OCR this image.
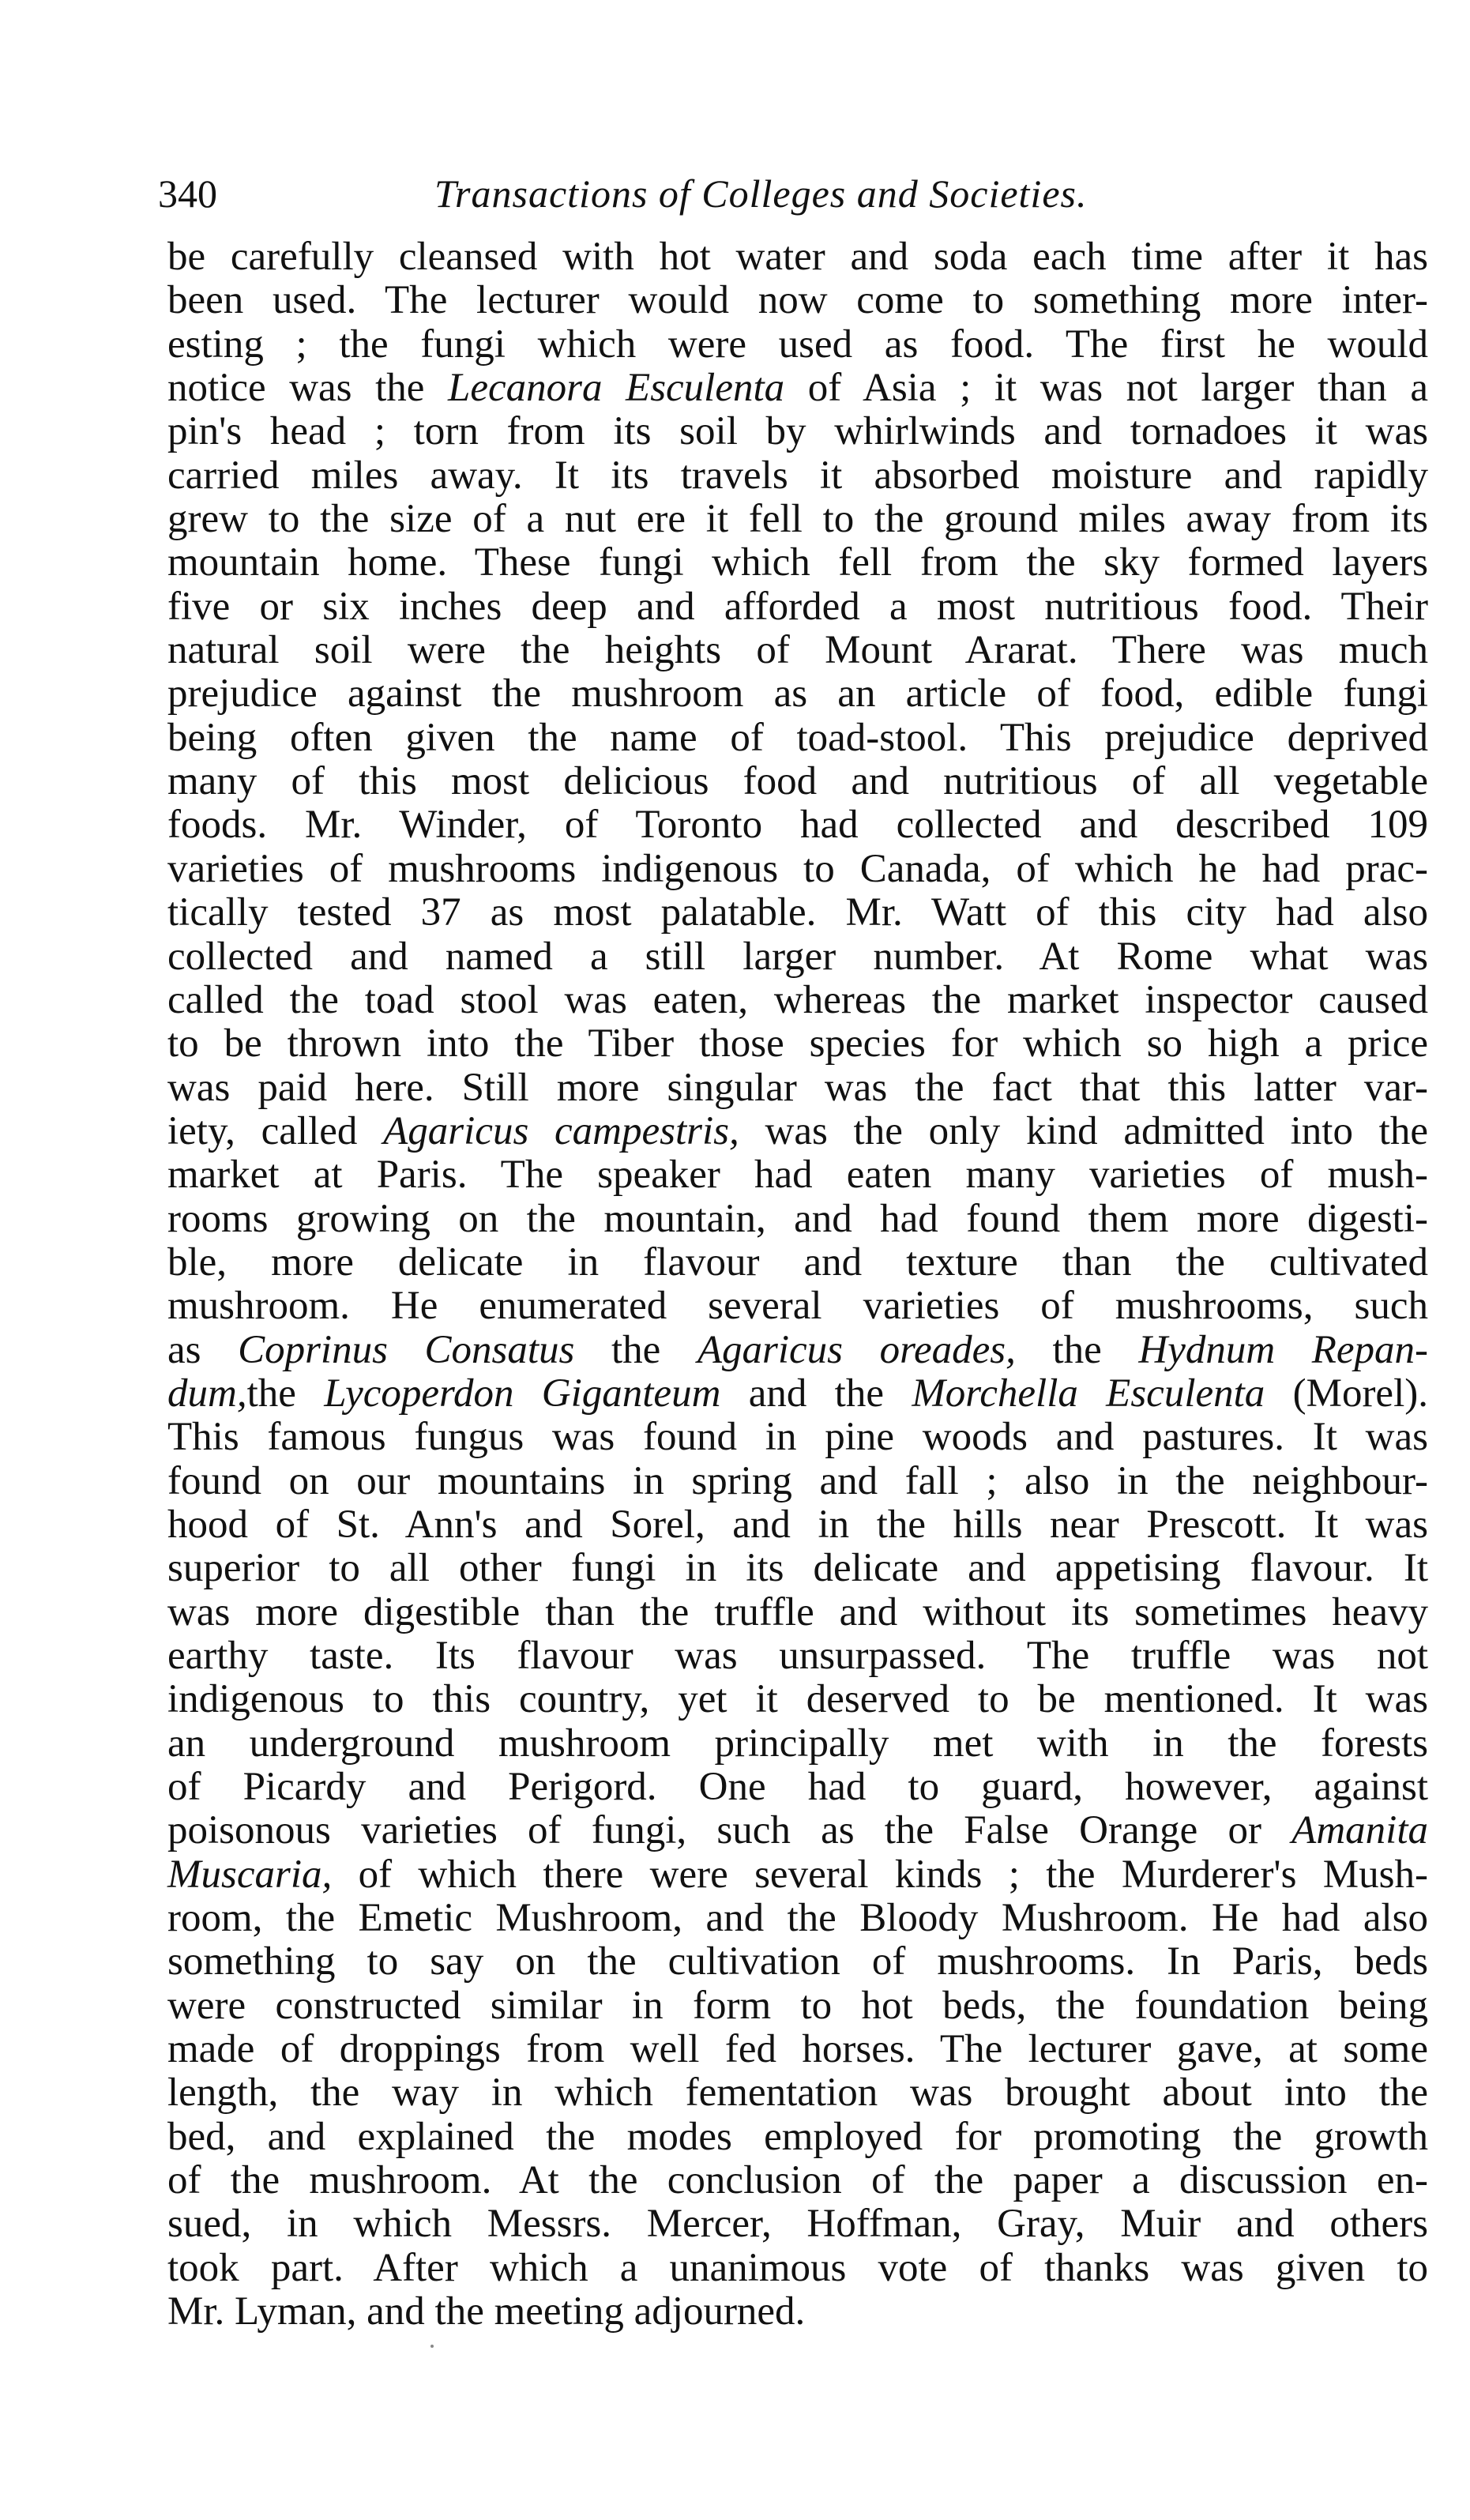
340	Transactions of Colleges and Societies.
be carefully cleansed with hot water and soda each time after it has
been used. The lecturer would now come to something more inter-
esting ; the fungi which were used as food. The first he would
notice was the Lecanora Esculenta of Asia ; it was not larger than a
pin's head ; torn from its soil by whirlwinds and tornadoes it was
carried miles away. It its travels it absorbed moisture and rapidly
grew to the size of a nut ere it fell to the ground miles away from its
mountain home. These fungi which fell from the sky formed layers
five or six inches deep and afforded a most nutritious food. Their
natural soil were the heights of Mount Ararat. There was much
prejudice against the mushroom as an article of food, edible fungi
being often given the name of toad-stool. This prejudice deprived
many of this most delicious food and nutritious of all vegetable
foods. Mr. Winder, of Toronto had collected and described 109
varieties of mushrooms indigenous to Canada, of which he had prac-
tically tested 37 as most palatable. Mr. Watt of this city had also
collected and named a still larger number. At Rome what was
called the toad stool was eaten, whereas the market inspector caused
to be thrown into the Tiber those species for which so high a price
was paid here. Still more singular was the fact that this latter var-
iety, called Agaricus campestris, was the only kind admitted into the
market at Paris. The speaker had eaten many varieties of mush-
rooms growing on the mountain, and had found them more digesti-
ble, more delicate in flavour and texture than the cultivated
mushroom. He enumerated several varieties of mushrooms, such
as Coprinus Consatus the Agaricus oreades, the Hydnum Repan-
dum,the Lycoperdon Giganteum and the Morchella Esculenta (Morel).
This famous fungus was found in pine woods and pastures. It was
found on our mountains in spring and fall ; also in the neighbour-
hood of St. Ann's and Sorel, and in the hills near Prescott. It was
superior to all other fungi in its delicate and appetising flavour. It
was more digestible than the truffle and without its sometimes heavy
earthy taste. Its flavour was unsurpassed. The truffle was not
indigenous to this country, yet it deserved to be mentioned. It was
an underground mushroom principally met with in the forests
of Picardy and Perigord. One had to guard, however, against
poisonous varieties of fungi, such as the False Orange or Amanita
Muscaria, of which there were several kinds ; the Murderer's Mush-
room, the Emetic Mushroom, and the Bloody Mushroom. He had also
something to say on the cultivation of mushrooms. In Paris, beds
were constructed similar in form to hot beds, the foundation being
made of droppings from well fed horses. The lecturer gave, at some
length, the way in which fementation was brought about into the
bed, and explained the modes employed for promoting the growth
of the mushroom. At the conclusion of the paper a discussion en-
sued, in which Messrs. Mercer, Hoffman, Gray, Muir and others
took part. After which a unanimous vote of thanks was given to
Mr. Lyman, and the meeting adjourned.
